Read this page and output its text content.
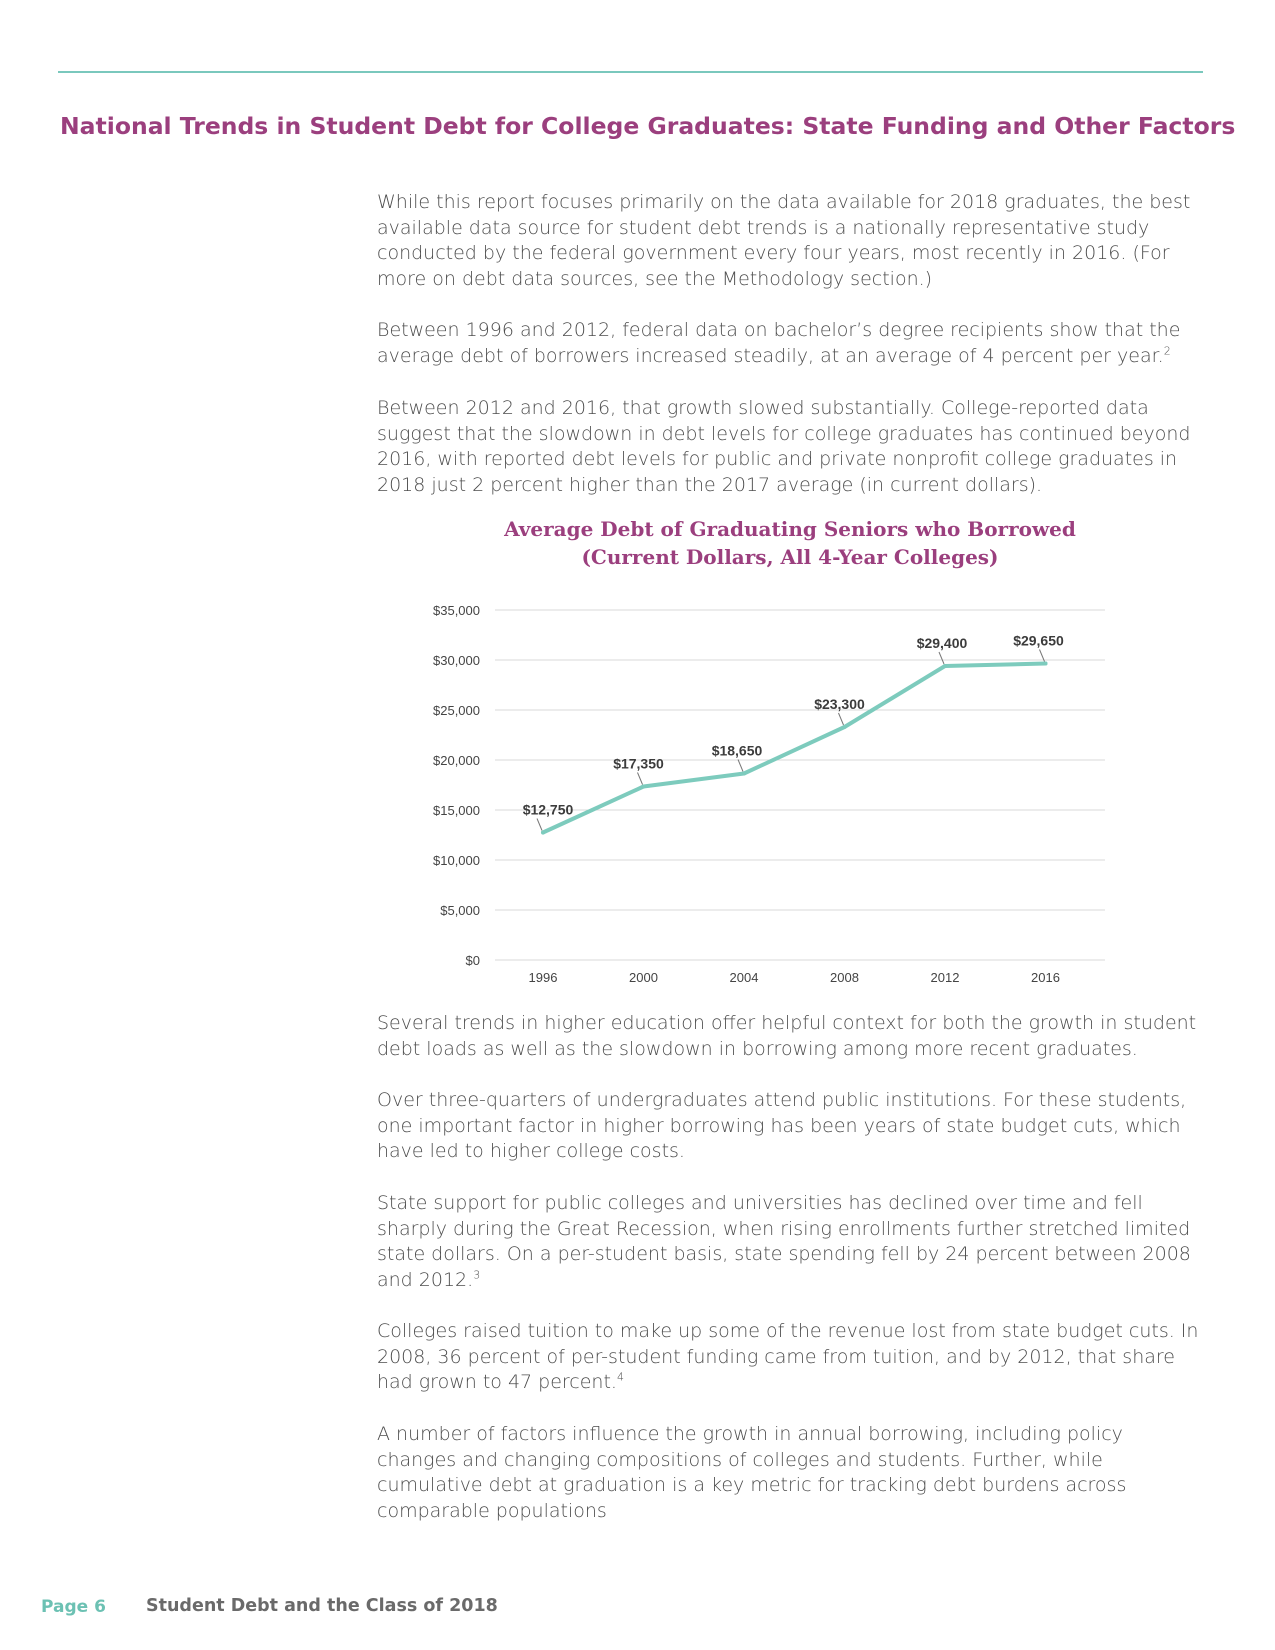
National Trends in Student Debt for College Graduates: State Funding and Other Factors

While this report focuses primarily on the data available for 2018 graduates, the best available data source for student debt trends is a nationally representative study conducted by the federal government every four years, most recently in 2016. (For more on debt data sources, see the Methodology section.)

Between 1996 and 2012, federal data on bachelor’s degree recipients show that the average debt of borrowers increased steadily, at an average of 4 percent per year.$^2$

Between 2012 and 2016, that growth slowed substantially. College-reported data suggest that the slowdown in debt levels for college graduates has continued beyond 2016, with reported debt levels for public and private nonprofit college graduates in 2018 just 2 percent higher than the 2017 average (in current dollars).

Average Debt of Graduating Seniors who Borrowed
(Current Dollars, All 4-Year Colleges)
$0
$5,000
$10,000
$15,000
$20,000
$25,000
$30,000
$35,000
1996	2000	2004	2008	2012	2016
$12,750
$17,350
$18,650
$23,300
$29,400	$29,650

Several trends in higher education offer helpful context for both the growth in student debt loads as well as the slowdown in borrowing among more recent graduates.

Over three-quarters of undergraduates attend public institutions. For these students, one important factor in higher borrowing has been years of state budget cuts, which have led to higher college costs.

State support for public colleges and universities has declined over time and fell sharply during the Great Recession, when rising enrollments further stretched limited state dollars. On a per-student basis, state spending fell by 24 percent between 2008 and 2012.$^3$

Colleges raised tuition to make up some of the revenue lost from state budget cuts. In 2008, 36 percent of per-student funding came from tuition, and by 2012, that share had grown to 47 percent.$^4$

A number of factors influence the growth in annual borrowing, including policy changes and changing compositions of colleges and students. Further, while cumulative debt at graduation is a key metric for tracking debt burdens across comparable populations

Page 6 Student Debt and the Class of 2018
